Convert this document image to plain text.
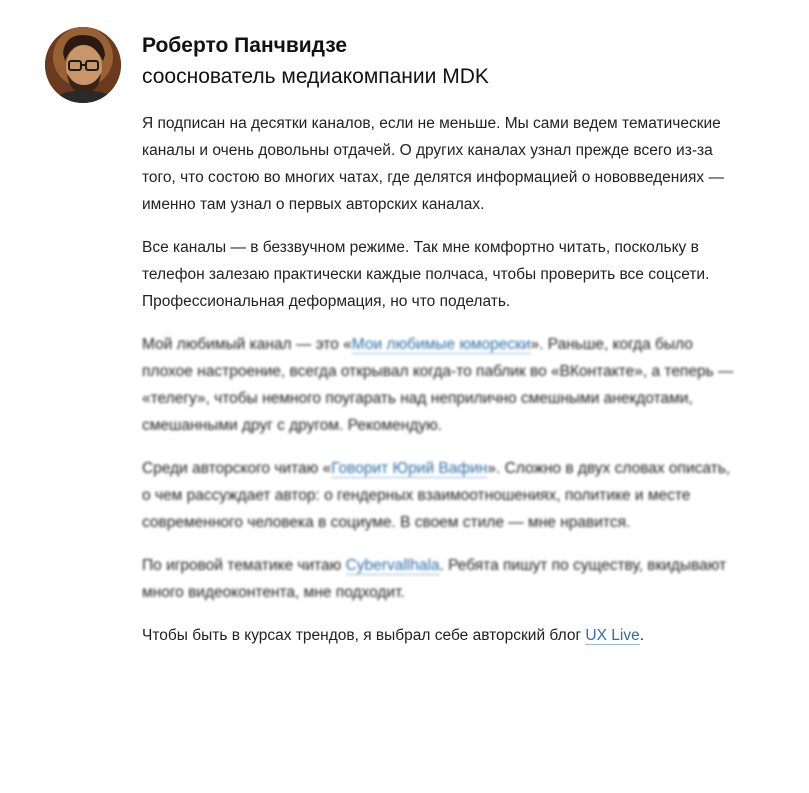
Роберто Панчвидзе
сооснователь медиакомпании MDK

Я подписан на десятки каналов, если не меньше. Мы сами ведем тематические каналы и очень довольны отдачей. О других каналах узнал прежде всего из-за того, что состою во многих чатах, где делятся информацией о нововведениях — именно там узнал о первых авторских каналах.

Все каналы — в беззвучном режиме. Так мне комфортно читать, поскольку в телефон залезаю практически каждые полчаса, чтобы проверить все соцсети. Профессиональная деформация, но что поделать.

Мой любимый канал — это «Мои любимые юморески». Раньше, когда было плохое настроение, всегда открывал когда-то паблик во «ВКонтакте», а теперь — «телегу», чтобы немного поугарать над неприлично смешными анекдотами, смешанными друг с другом. Рекомендую.

Среди авторского читаю «Говорит Юрий Вафин». Сложно в двух словах описать, о чем рассуждает автор: о гендерных взаимоотношениях, политике и месте современного человека в социуме. В своем стиле — мне нравится.

По игровой тематике читаю Cybervallhala. Ребята пишут по существу, вкидывают много видеоконтента, мне подходит.

Чтобы быть в курсах трендов, я выбрал себе авторский блог UX Live.
